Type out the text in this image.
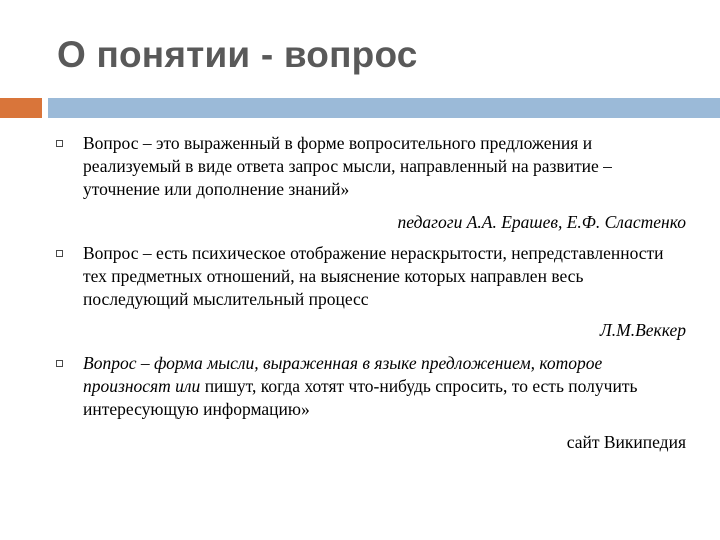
О понятии - вопрос

Вопрос – это выраженный в форме вопросительного предложения и реализуемый в виде ответа запрос мысли, направленный на развитие – уточнение или дополнение знаний»

педагоги А.А. Ерашев, Е.Ф. Сластенко

Вопрос – есть психическое отображение нераскрытости, непредставленности тех предметных отношений, на выяснение которых направлен весь последующий мыслительный процесс

Л.М.Веккер

Вопрос – форма мысли, выраженная в языке предложением, которое произносят или пишут, когда хотят что-нибудь спросить, то есть получить интересующую информацию»

сайт Википедия
